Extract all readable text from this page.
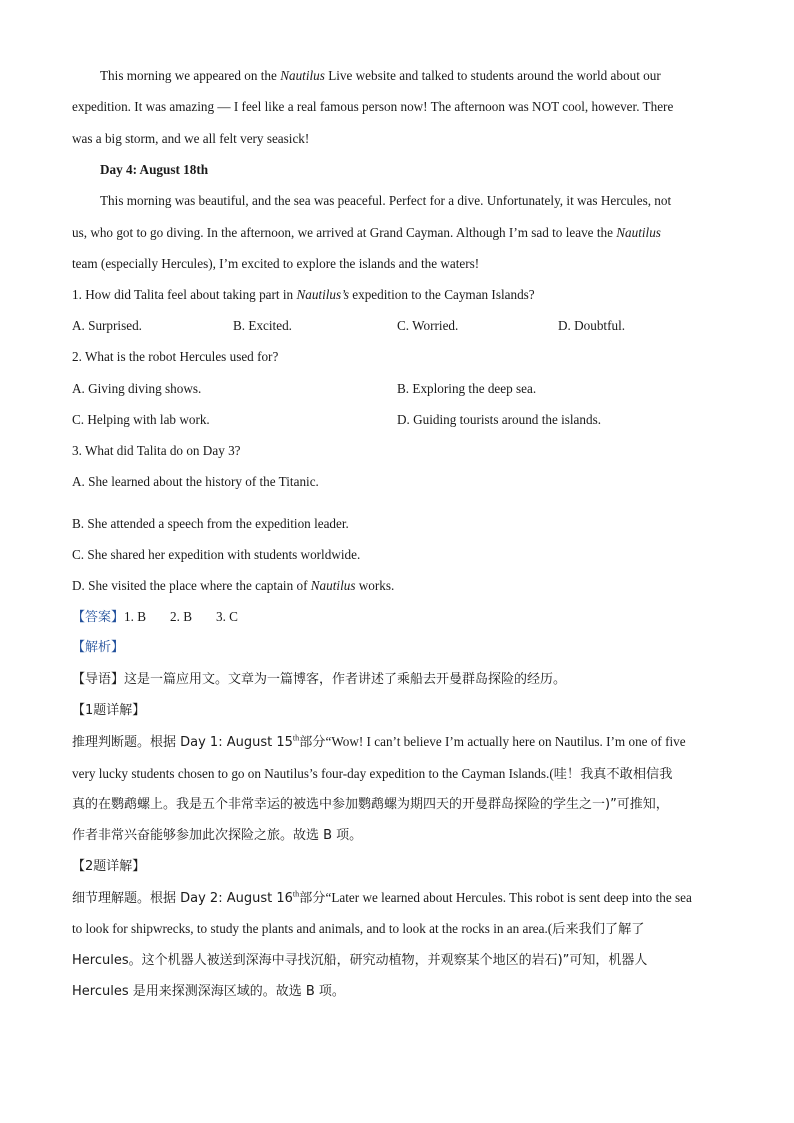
This morning we appeared on the Nautilus Live website and talked to students around the world about our
expedition. It was amazing — I feel like a real famous person now! The afternoon was NOT cool, however. There
was a big storm, and we all felt very seasick!
Day 4: August 18th
This morning was beautiful, and the sea was peaceful. Perfect for a dive. Unfortunately, it was Hercules, not
us, who got to go diving. In the afternoon, we arrived at Grand Cayman. Although I’m sad to leave the Nautilus
team (especially Hercules), I’m excited to explore the islands and the waters!
1. How did Talita feel about taking part in Nautilus’s expedition to the Cayman Islands?
A. Surprised.	B. Excited.	C. Worried.	D. Doubtful.
2. What is the robot Hercules used for?
A. Giving diving shows.	B. Exploring the deep sea.
C. Helping with lab work.	D. Guiding tourists around the islands.
3. What did Talita do on Day 3?
A. She learned about the history of the Titanic.
B. She attended a speech from the expedition leader.
C. She shared her expedition with students worldwide.
D. She visited the place where the captain of Nautilus works.
【答案】1. B 2. B 3. C
【解析】
【导语】这是一篇应用文。文章为一篇博客，作者讲述了乘船去开曼群岛探险的经历。
【1题详解】
推理判断题。根据 Day 1: August 15th部分“Wow! I can’t believe I’m actually here on Nautilus. I’m one of five
very lucky students chosen to go on Nautilus’s four-day expedition to the Cayman Islands.(哇！我真不敢相信我
真的在鹦鹉螺上。我是五个非常幸运的被选中参加鹦鹉螺为期四天的开曼群岛探险的学生之一)”可推知，
作者非常兴奋能够参加此次探险之旅。故选 B 项。
【2题详解】
细节理解题。根据 Day 2: August 16th部分“Later we learned about Hercules. This robot is sent deep into the sea
to look for shipwrecks, to study the plants and animals, and to look at the rocks in an area.(后来我们了解了
Hercules。这个机器人被送到深海中寻找沉船，研究动植物，并观察某个地区的岩石)”可知，机器人
Hercules 是用来探测深海区域的。故选 B 项。
